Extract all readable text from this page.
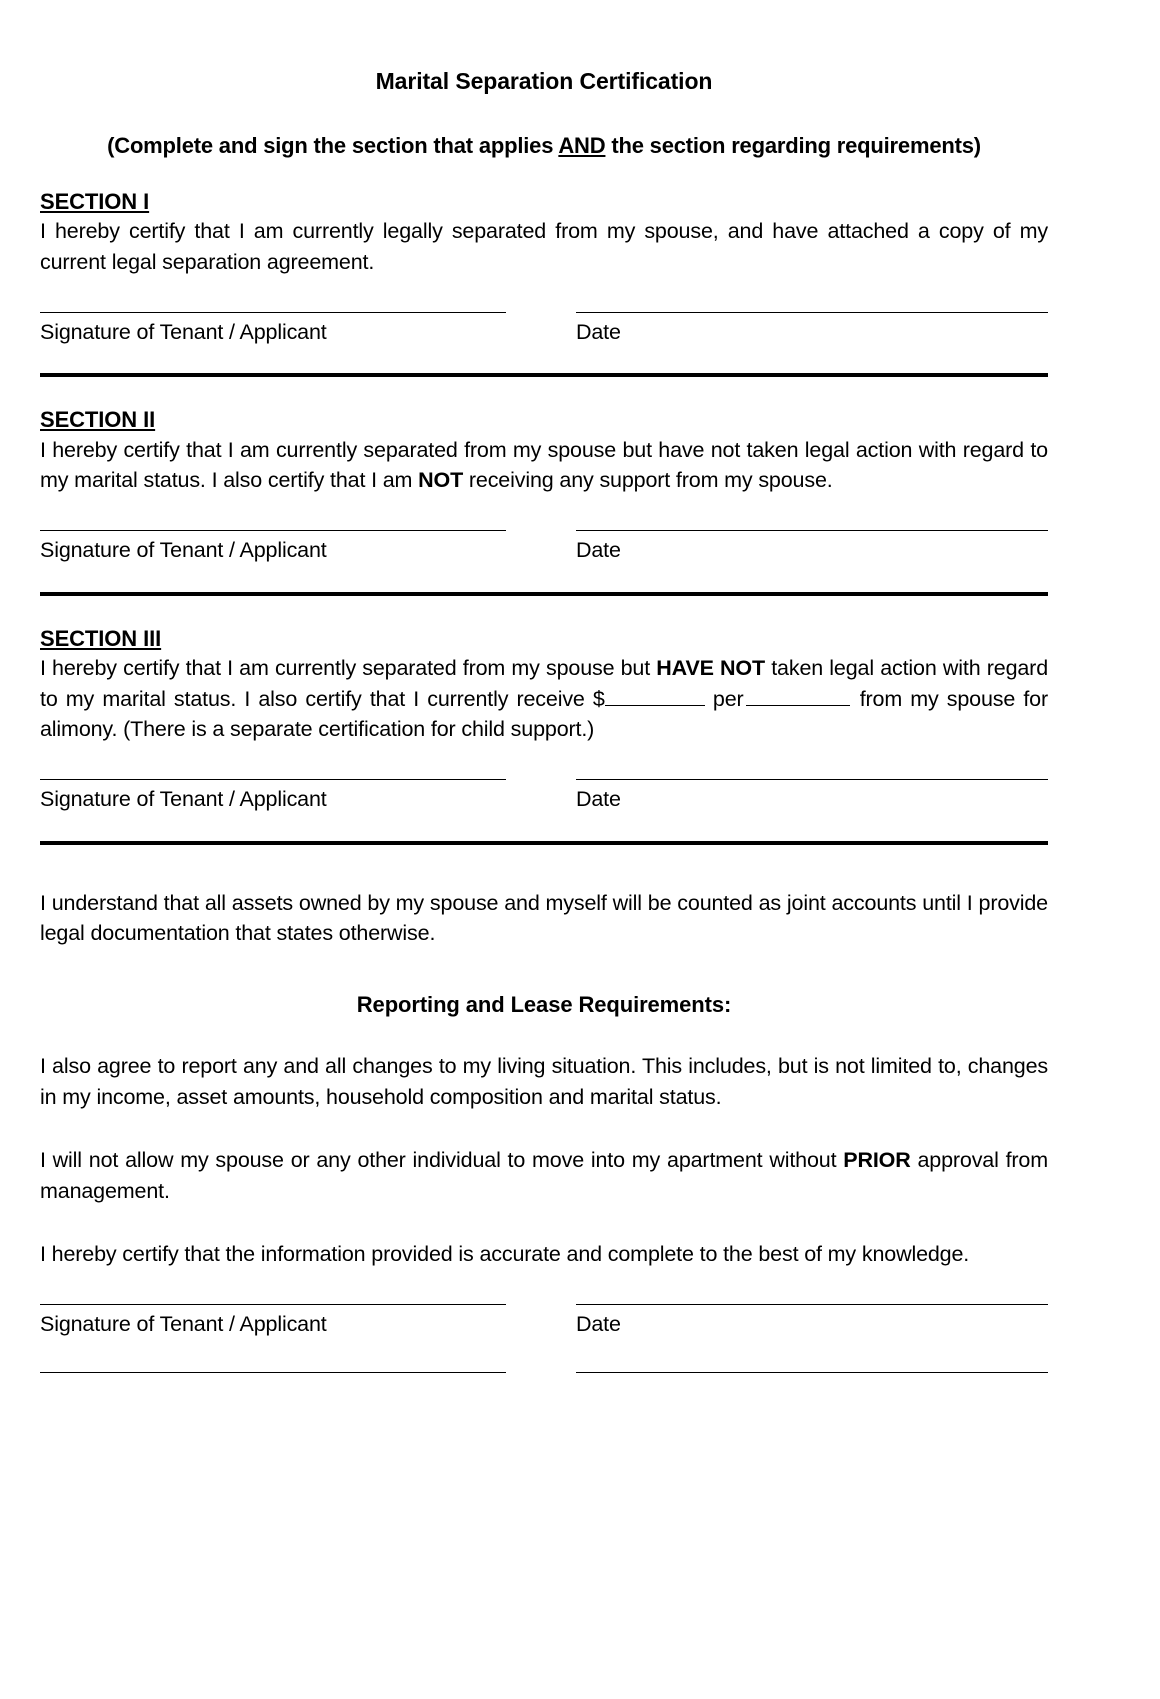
Marital Separation Certification
(Complete and sign the section that applies AND the section regarding requirements)
SECTION I
I hereby certify that I am currently legally separated from my spouse, and have attached a copy of my current legal separation agreement.
Signature of Tenant / Applicant	Date
SECTION II
I hereby certify that I am currently separated from my spouse but have not taken legal action with regard to my marital status. I also certify that I am NOT receiving any support from my spouse.
Signature of Tenant / Applicant	Date
SECTION III
I hereby certify that I am currently separated from my spouse but HAVE NOT taken legal action with regard to my marital status. I also certify that I currently receive $	per	from my spouse for alimony. (There is a separate certification for child support.)
Signature of Tenant / Applicant	Date
I understand that all assets owned by my spouse and myself will be counted as joint accounts until I provide legal documentation that states otherwise.
Reporting and Lease Requirements:
I also agree to report any and all changes to my living situation. This includes, but is not limited to, changes in my income, asset amounts, household composition and marital status.
I will not allow my spouse or any other individual to move into my apartment without PRIOR approval from management.
I hereby certify that the information provided is accurate and complete to the best of my knowledge.
Signature of Tenant / Applicant	Date
